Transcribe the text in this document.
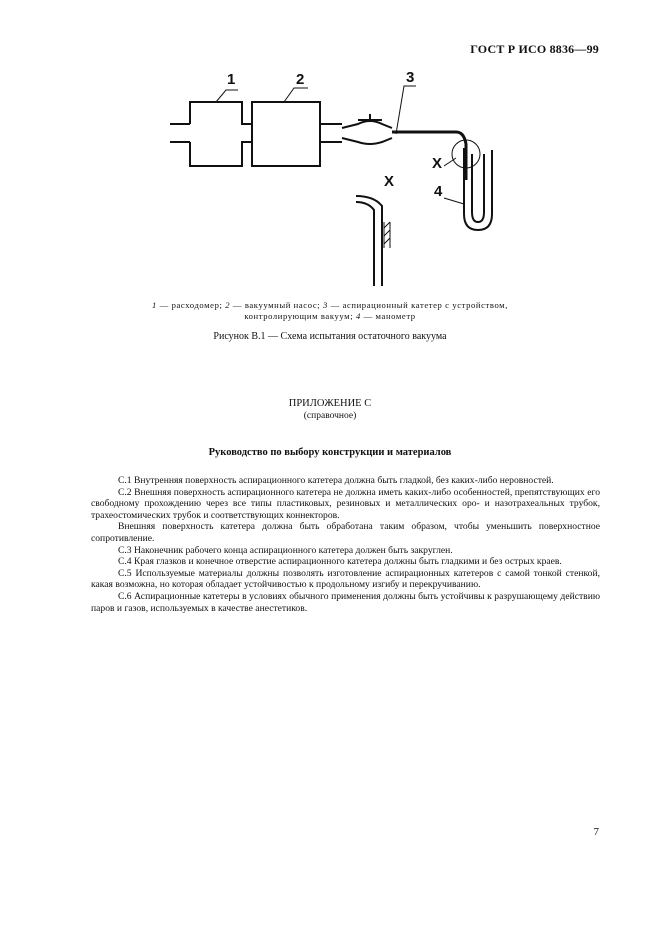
ГОСТ Р ИСО 8836—99
1	2	3
X
4
X
1 — расходомер; 2 — вакуумный насос; 3 — аспирационный катетер с устройством,
контролирующим вакуум; 4 — манометр
Рисунок В.1 — Схема испытания остаточного вакуума
ПРИЛОЖЕНИЕ С
(справочное)
Руководство по выбору конструкции и материалов

С.1 Внутренняя поверхность аспирационного катетера должна быть гладкой, без каких-либо неровностей.

С.2 Внешняя поверхность аспирационного катетера не должна иметь каких-либо особенностей, препятствующих его свободному прохождению через все типы пластиковых, резиновых и металлических оро- и назотрахеальных трубок, трахеостомических трубок и соответствующих коннекторов.

Внешняя поверхность катетера должна быть обработана таким образом, чтобы уменьшить поверхностное сопротивление.

С.3 Наконечник рабочего конца аспирационного катетера должен быть закруглен.

С.4 Края глазков и конечное отверстие аспирационного катетера должны быть гладкими и без острых краев.

С.5 Используемые материалы должны позволять изготовление аспирационных катетеров с самой тонкой стенкой, какая возможна, но которая обладает устойчивостью к продольному изгибу и перекручиванию.

С.6 Аспирационные катетеры в условиях обычного применения должны быть устойчивы к разрушающему действию паров и газов, используемых в качестве анестетиков.

7
